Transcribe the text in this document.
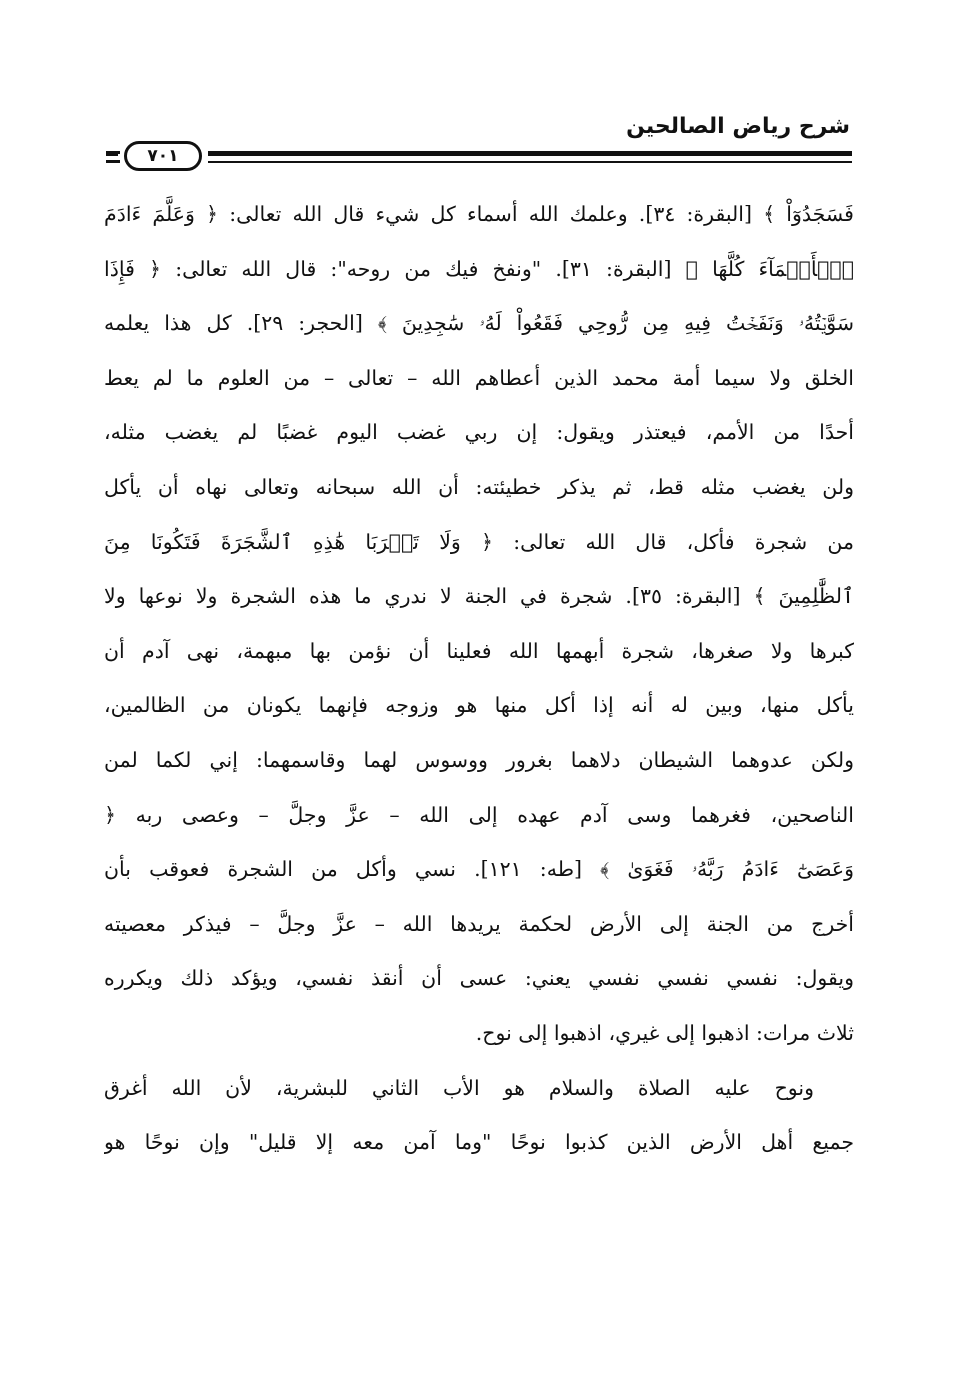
شرح رياض الصالحين
٧٠١
فَسَجَدُوٓاْ ﴾ [البقرة: ٣٤]. وعلمك الله أسماء كل شيء قال الله تعالى: ﴿ وَعَلَّمَ ءَادَمَ
ٱلۡأَسۡمَآءَ كُلَّهَا ﴾ [البقرة: ٣١]. "ونفخ فيك من روحه": قال الله تعالى: ﴿ فَإِذَا
سَوَّيۡتُهُۥ وَنَفَخۡتُ فِيهِ مِن رُّوحِي فَقَعُواْ لَهُۥ سَٰجِدِينَ ﴾ [الحجر: ٢٩]. كل هذا يعلمه
الخلق ولا سيما أمة محمد الذين أعطاهم الله – تعالى – من العلوم ما لم يعط
أحدًا من الأمم، فيعتذر ويقول: إن ربي غضب اليوم غضبًا لم يغضب مثله،
ولن يغضب مثله قط، ثم يذكر خطيئته: أن الله سبحانه وتعالى نهاه أن يأكل
من شجرة فأكل، قال الله تعالى: ﴿ وَلَا تَقۡرَبَا هَٰذِهِ ٱلشَّجَرَةَ فَتَكُونَا مِنَ
ٱلظَّٰلِمِينَ ﴾ [البقرة: ٣٥]. شجرة في الجنة لا ندري ما هذه الشجرة ولا نوعها ولا
كبرها ولا صغرها، شجرة أبهمها الله فعلينا أن نؤمن بها مبهمة، نهى آدم أن
يأكل منها، وبين له أنه إذا أكل منها هو وزوجه فإنهما يكونان من الظالمين،
ولكن عدوهما الشيطان دلاهما بغرور ووسوس لهما وقاسمهما: إني لكما لمن
الناصحين، فغرهما وسى آدم عهده إلى الله – عزَّ وجلَّ – وعصى ربه ﴿
وَعَصَىٰٓ ءَادَمُ رَبَّهُۥ فَغَوَىٰ ﴾ [طه: ١٢١]. نسي وأكل من الشجرة فعوقب بأن
أخرج من الجنة إلى الأرض لحكمة يريدها الله – عزَّ وجلَّ – فيذكر معصيته
ويقول: نفسي نفسي نفسي يعني: عسى أن أنقذ نفسي، ويؤكد ذلك ويكرره
ثلاث مرات: اذهبوا إلى غيري، اذهبوا إلى نوح.
ونوح عليه الصلاة والسلام هو الأب الثاني للبشرية، لأن الله أغرق
جميع أهل الأرض الذين كذبوا نوحًا "وما آمن معه إلا قليل" وإن نوحًا هو
